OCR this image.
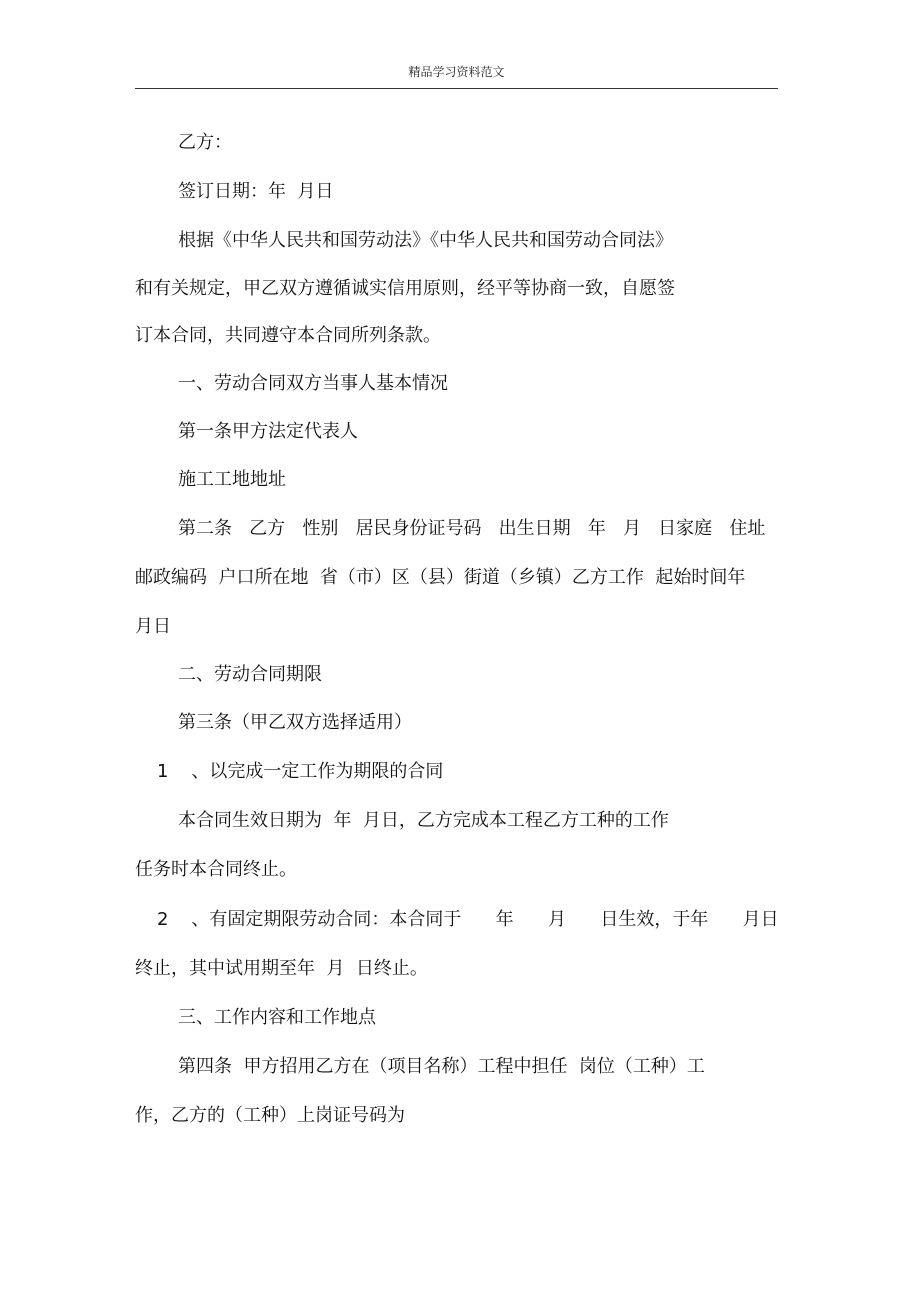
精品学习资料范文
乙方：
签订日期：年  月日
根据《中华人民共和国劳动法》《中华人民共和国劳动合同法》
和有关规定，甲乙双方遵循诚实信用原则，经平等协商一致，自愿签
订本合同，共同遵守本合同所列条款。
一、劳动合同双方当事人基本情况
第一条甲方法定代表人
施工工地地址
第二条   乙方   性别   居民身份证号码   出生日期   年   月   日家庭   住址
邮政编码  户口所在地  省（市）区（县）街道（乡镇）乙方工作  起始时间年
月日
二、劳动合同期限
第三条（甲乙双方选择适用）
1    、以完成一定工作为期限的合同
本合同生效日期为  年  月日，乙方完成本工程乙方工种的工作
任务时本合同终止。
2    、有固定期限劳动合同：本合同于      年      月      日生效，于年      月日
终止，其中试用期至年  月  日终止。
三、工作内容和工作地点
第四条  甲方招用乙方在（项目名称）工程中担任  岗位（工种）工
作，乙方的（工种）上岗证号码为
